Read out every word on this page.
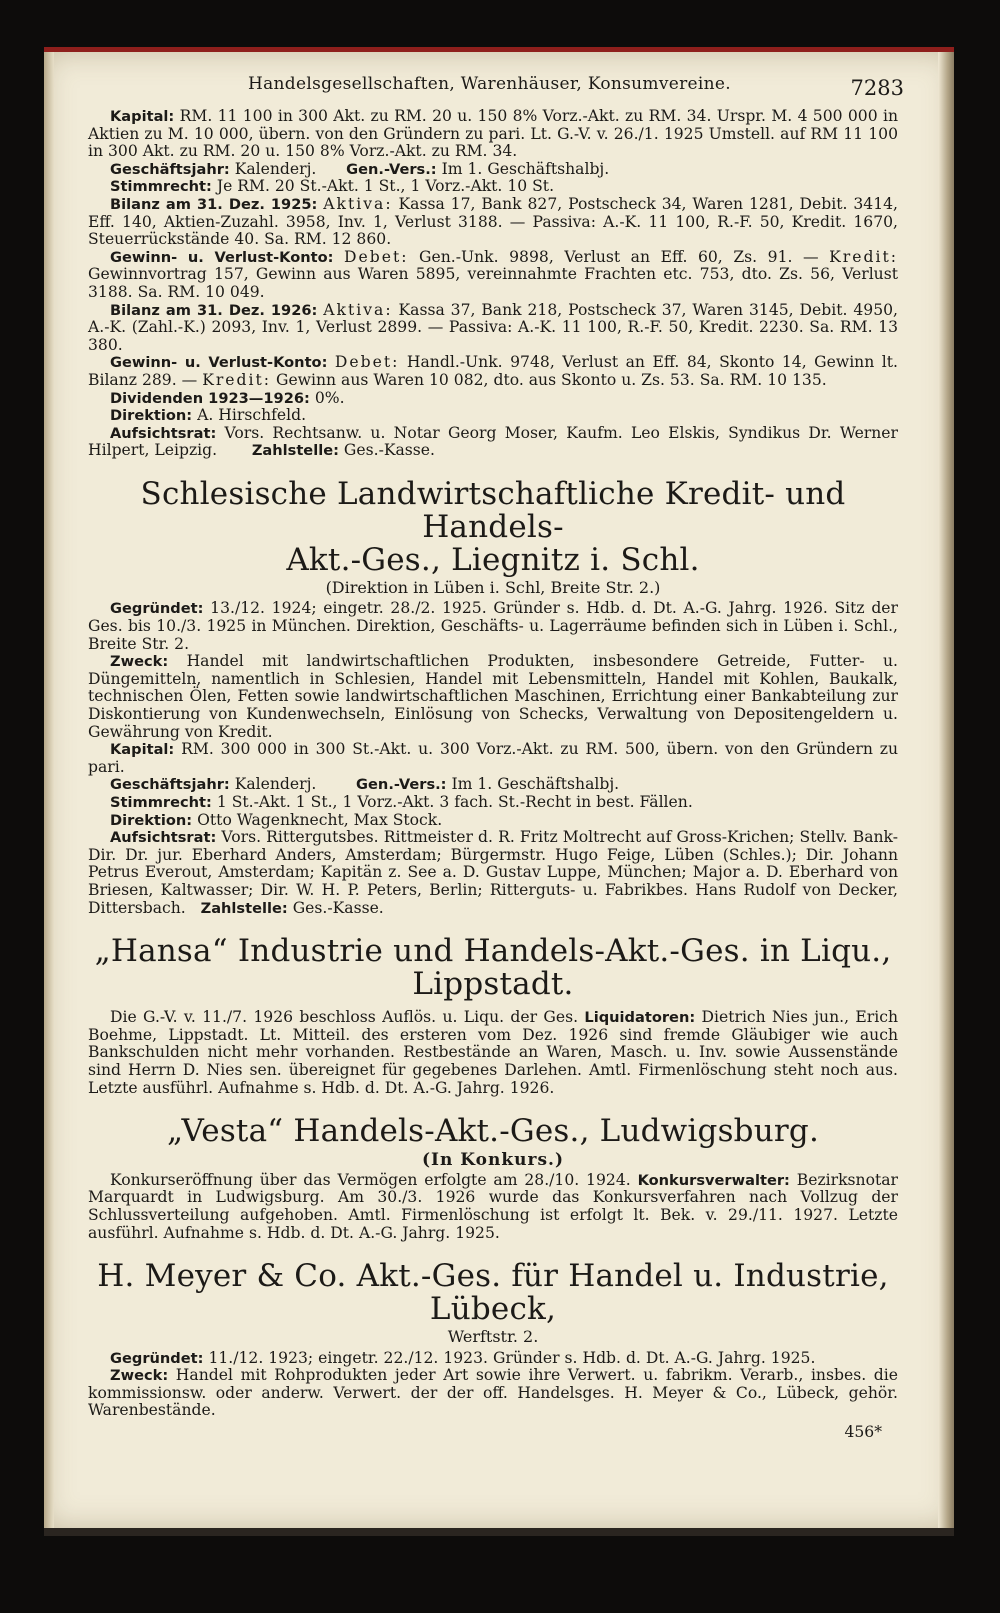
Handelsgesellschaften, Warenhäuser, Konsumvereine.	7283

Kapital: RM. 11 100 in 300 Akt. zu RM. 20 u. 150 8% Vorz.-Akt. zu RM. 34. Urspr. M. 4 500 000 in Aktien zu M. 10 000, übern. von den Gründern zu pari. Lt. G.-V. v. 26./1. 1925 Umstell. auf RM 11 100 in 300 Akt. zu RM. 20 u. 150 8% Vorz.-Akt. zu RM. 34.

Geschäftsjahr: Kalenderj. Gen.-Vers.: Im 1. Geschäftshalbj.

Stimmrecht: Je RM. 20 St.-Akt. 1 St., 1 Vorz.-Akt. 10 St.

Bilanz am 31. Dez. 1925: Aktiva: Kassa 17, Bank 827, Postscheck 34, Waren 1281, Debit. 3414, Eff. 140, Aktien-Zuzahl. 3958, Inv. 1, Verlust 3188. — Passiva: A.-K. 11 100, R.-F. 50, Kredit. 1670, Steuerrückstände 40. Sa. RM. 12 860.

Gewinn- u. Verlust-Konto: Debet: Gen.-Unk. 9898, Verlust an Eff. 60, Zs. 91. — Kredit: Gewinnvortrag 157, Gewinn aus Waren 5895, vereinnahmte Frachten etc. 753, dto. Zs. 56, Verlust 3188. Sa. RM. 10 049.

Bilanz am 31. Dez. 1926: Aktiva: Kassa 37, Bank 218, Postscheck 37, Waren 3145, Debit. 4950, A.-K. (Zahl.-K.) 2093, Inv. 1, Verlust 2899. — Passiva: A.-K. 11 100, R.-F. 50, Kredit. 2230. Sa. RM. 13 380.

Gewinn- u. Verlust-Konto: Debet: Handl.-Unk. 9748, Verlust an Eff. 84, Skonto 14, Gewinn lt. Bilanz 289. — Kredit: Gewinn aus Waren 10 082, dto. aus Skonto u. Zs. 53. Sa. RM. 10 135.

Dividenden 1923—1926: 0%.

Direktion: A. Hirschfeld.

Aufsichtsrat: Vors. Rechtsanw. u. Notar Georg Moser, Kaufm. Leo Elskis, Syndikus Dr. Werner Hilpert, Leipzig. Zahlstelle: Ges.-Kasse.

Schlesische Landwirtschaftliche Kredit- und Handels-
Akt.-Ges., Liegnitz i. Schl.
(Direktion in Lüben i. Schl, Breite Str. 2.)

Gegründet: 13./12. 1924; eingetr. 28./2. 1925. Gründer s. Hdb. d. Dt. A.-G. Jahrg. 1926. Sitz der Ges. bis 10./3. 1925 in München. Direktion, Geschäfts- u. Lagerräume befinden sich in Lüben i. Schl., Breite Str. 2.

Zweck: Handel mit landwirtschaftlichen Produkten, insbesondere Getreide, Futter- u. Düngemitteln, namentlich in Schlesien, Handel mit Lebensmitteln, Handel mit Kohlen, Baukalk, technischen Ölen, Fetten sowie landwirtschaftlichen Maschinen, Errichtung einer Bankabteilung zur Diskontierung von Kundenwechseln, Einlösung von Schecks, Verwaltung von Depositengeldern u. Gewährung von Kredit.

Kapital: RM. 300 000 in 300 St.-Akt. u. 300 Vorz.-Akt. zu RM. 500, übern. von den Gründern zu pari.

Geschäftsjahr: Kalenderj.	Gen.-Vers.: Im 1. Geschäftshalbj.

Stimmrecht: 1 St.-Akt. 1 St., 1 Vorz.-Akt. 3 fach. St.-Recht in best. Fällen.

Direktion: Otto Wagenknecht, Max Stock.

Aufsichtsrat: Vors. Rittergutsbes. Rittmeister d. R. Fritz Moltrecht auf Gross-Krichen; Stellv. Bank-Dir. Dr. jur. Eberhard Anders, Amsterdam; Bürgermstr. Hugo Feige, Lüben (Schles.); Dir. Johann Petrus Everout, Amsterdam; Kapitän z. See a. D. Gustav Luppe, München; Major a. D. Eberhard von Briesen, Kaltwasser; Dir. W. H. P. Peters, Berlin; Ritterguts- u. Fabrikbes. Hans Rudolf von Decker, Dittersbach. Zahlstelle: Ges.-Kasse.

„Hansa“ Industrie und Handels-Akt.-Ges. in Liqu., Lippstadt.

Die G.-V. v. 11./7. 1926 beschloss Auflös. u. Liqu. der Ges. Liquidatoren: Dietrich Nies jun., Erich Boehme, Lippstadt. Lt. Mitteil. des ersteren vom Dez. 1926 sind fremde Gläubiger wie auch Bankschulden nicht mehr vorhanden. Restbestände an Waren, Masch. u. Inv. sowie Aussenstände sind Herrn D. Nies sen. übereignet für gegebenes Darlehen. Amtl. Firmenlöschung steht noch aus. Letzte ausführl. Aufnahme s. Hdb. d. Dt. A.-G. Jahrg. 1926.

„Vesta“ Handels-Akt.-Ges., Ludwigsburg.
(In Konkurs.)

Konkurseröffnung über das Vermögen erfolgte am 28./10. 1924. Konkursverwalter: Bezirksnotar Marquardt in Ludwigsburg. Am 30./3. 1926 wurde das Konkursverfahren nach Vollzug der Schlussverteilung aufgehoben. Amtl. Firmenlöschung ist erfolgt lt. Bek. v. 29./11. 1927. Letzte ausführl. Aufnahme s. Hdb. d. Dt. A.-G. Jahrg. 1925.

H. Meyer & Co. Akt.-Ges. für Handel u. Industrie, Lübeck,
Werftstr. 2.

Gegründet: 11./12. 1923; eingetr. 22./12. 1923. Gründer s. Hdb. d. Dt. A.-G. Jahrg. 1925.

Zweck: Handel mit Rohprodukten jeder Art sowie ihre Verwert. u. fabrikm. Verarb., insbes. die kommissionsw. oder anderw. Verwert. der der off. Handelsges. H. Meyer & Co., Lübeck, gehör. Warenbestände.

456*
